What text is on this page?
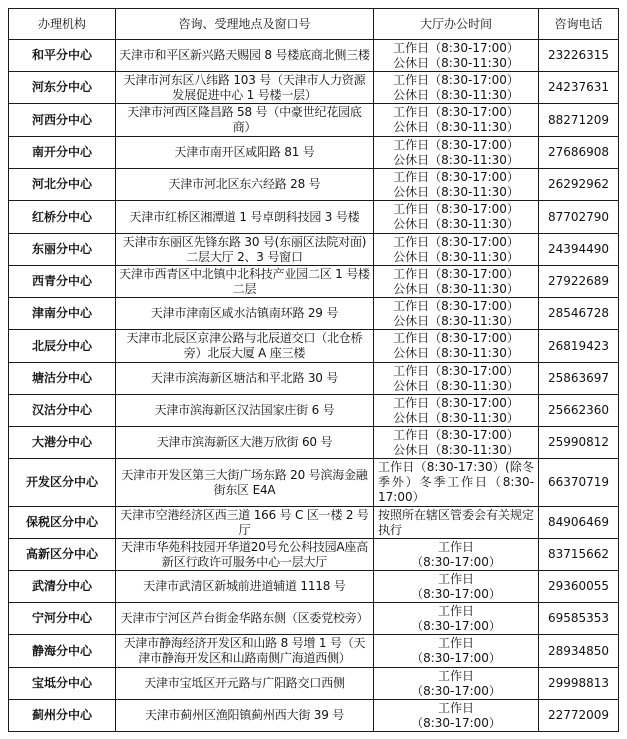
办理机构	咨询、受理地点及窗口号	大厅办公时间	咨询电话
和平分中心	天津市和平区新兴路天赐园 8 号楼底商北侧三楼	工作日（8:30-17:00）
公休日（8:30-11:30）	23226315
河东分中心	天津市河东区八纬路 103 号（天津市人力资源发展促进中心 1 号楼一层）	工作日（8:30-17:00）
公休日（8:30-11:30）	24237631
河西分中心	天津市河西区隆昌路 58 号（中豪世纪花园底商）	工作日（8:30-17:00）
公休日（8:30-11:30）	88271209
南开分中心	天津市南开区咸阳路 81 号	工作日（8:30-17:00）
公休日（8:30-11:30）	27686908
河北分中心	天津市河北区东六经路 28 号	工作日（8:30-17:00）
公休日（8:30-11:30）	26292962
红桥分中心	天津市红桥区湘潭道 1 号卓朗科技园 3 号楼	工作日（8:30-17:00）
公休日（8:30-11:30）	87702790
东丽分中心	天津市东丽区先锋东路 30 号(东丽区法院对面)二层大厅 2、3 号窗口	工作日（8:30-17:00）
公休日（8:30-11:30）	24394490
西青分中心	天津市西青区中北镇中北科技产业园二区 1 号楼二层	工作日（8:30-17:00）
公休日（8:30-11:30）	27922689
津南分中心	天津市津南区咸水沽镇南环路 29 号	工作日（8:30-17:00）
公休日（8:30-11:30）	28546728
北辰分中心	天津市北辰区京津公路与北辰道交口（北仓桥旁）北辰大厦 A 座三楼	工作日（8:30-17:00）
公休日（8:30-11:30）	26819423
塘沽分中心	天津市滨海新区塘沽和平北路 30 号	工作日（8:30-17:00）
公休日（8:30-11:30）	25863697
汉沽分中心	天津市滨海新区汉沽国家庄街 6 号	工作日（8:30-17:00）
公休日（8:30-11:30）	25662360
大港分中心	天津市滨海新区大港万欣街 60 号	工作日（8:30-17:00）
公休日（8:30-11:30）	25990812
开发区分中心	天津市开发区第三大街广场东路 20 号滨海金融街东区 E4A	工作日（8:30-17:30）(除冬季外）冬季工作日（8:30-17:00）	66370719
保税区分中心	天津市空港经济区西三道 166 号 C 区一楼 2 号厅	按照所在辖区管委会有关规定执行	84906469
高新区分中心	天津市华苑科技园开华道20号允公科技园A座高新区行政许可服务中心一层大厅	工作日
（8:30-17:00）	83715662
武清分中心	天津市武清区新城前进道辅道 1118 号	工作日
（8:30-17:00）	29360055
宁河分中心	天津市宁河区芦台街金华路东侧（区委党校旁）	工作日
（8:30-17:00）	69585353
静海分中心	天津市静海经济开发区和山路 8 号增 1 号（天津市静海开发区和山路南侧广海道西侧）	工作日
（8:30-17:00）	28934850
宝坻分中心	天津市宝坻区开元路与广阳路交口西侧	工作日
（8:30-17:00）	29998813
蓟州分中心	天津市蓟州区渔阳镇蓟州西大街 39 号	工作日
（8:30-17:00）	22772009
